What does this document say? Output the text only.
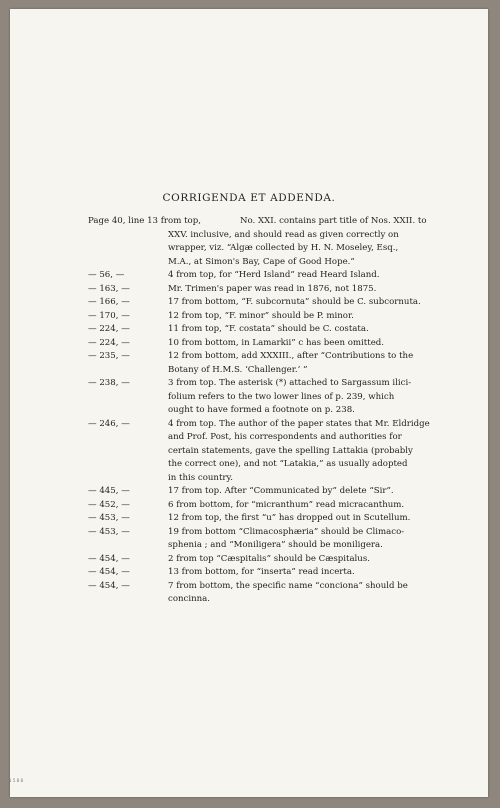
CORRIGENDA ET ADDENDA.
Page 40, line 13 from top,	No. XXI. contains part title of Nos. XXII. to
XXV. inclusive, and should read as given correctly on
wrapper, viz. “Algæ collected by H. N. Moseley, Esq.,
M.A., at Simon's Bay, Cape of Good Hope.”
— 56, —	4 from top, for “Herd Island” read Heard Island.
— 163, —	Mr. Trimen's paper was read in 1876, not 1875.
— 166, —	17 from bottom, “F. subcornuta” should be C. subcornuta.
— 170, —	12 from top, “F. minor” should be P. minor.
— 224, —	11 from top, “F. costata” should be C. costata.
— 224, —	10 from bottom, in Lamarkii” c has been omitted.
— 235, —	12 from bottom, add XXXIII., after “Contributions to the
Botany of H.M.S. ‘Challenger.’ ”
— 238, —	3 from top. The asterisk (*) attached to Sargassum ilici-
folium refers to the two lower lines of p. 239, which
ought to have formed a footnote on p. 238.
— 246, —	4 from top. The author of the paper states that Mr. Eldridge
and Prof. Post, his correspondents and authorities for
certain statements, gave the spelling Lattakia (probably
the correct one), and not “Latakia,” as usually adopted
in this country.
— 445, —	17 from top. After “Communicated by” delete “Sir”.
— 452, —	6 from bottom, for “micranthum” read micracanthum.
— 453, —	12 from top, the first “u” has dropped out in Scutellum.
— 453, —	19 from bottom “Climacosphæria” should be Climaco-
sphenia ; and “Moniligera” should be moniligera.
— 454, —	2 from top “Cæspitalis” should be Cæspitalus.
— 454, —	13 from bottom, for “inserta” read incerta.
— 454, —	7 from bottom, the specific name “conciona” should be
concinna.
1 5 8 8
